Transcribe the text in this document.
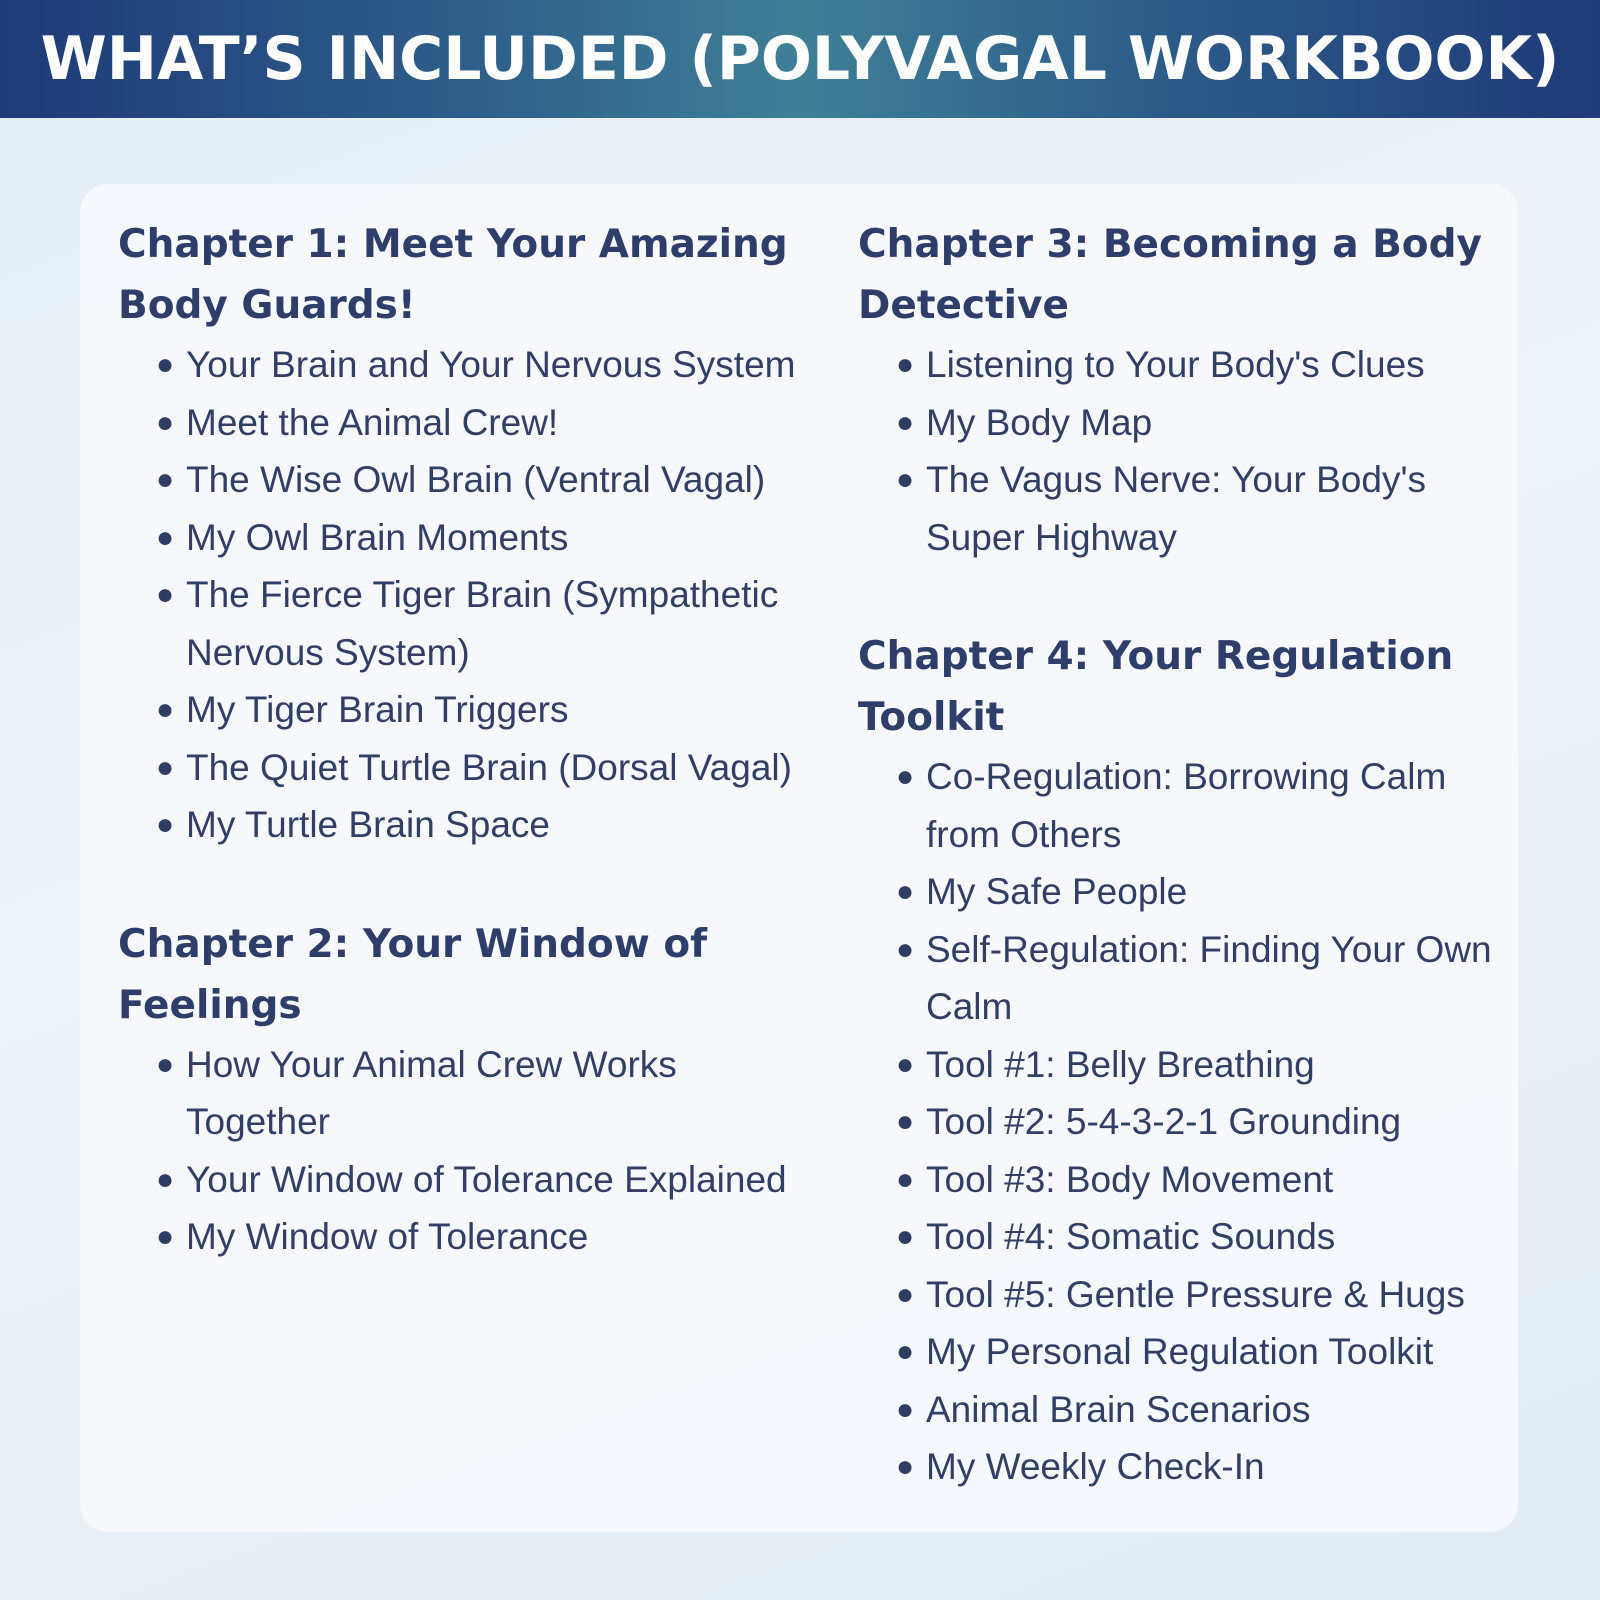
WHAT’S INCLUDED (POLYVAGAL WORKBOOK)
Chapter 1: Meet Your Amazing Body Guards!
● Your Brain and Your Nervous System
● Meet the Animal Crew!
● The Wise Owl Brain (Ventral Vagal)
● My Owl Brain Moments
● The Fierce Tiger Brain (Sympathetic Nervous System)
● My Tiger Brain Triggers
● The Quiet Turtle Brain (Dorsal Vagal)
● My Turtle Brain Space
Chapter 2: Your Window of Feelings
● How Your Animal Crew Works Together
● Your Window of Tolerance Explained
● My Window of Tolerance
Chapter 3: Becoming a Body Detective
● Listening to Your Body's Clues
● My Body Map
● The Vagus Nerve: Your Body's Super Highway
Chapter 4: Your Regulation Toolkit
● Co-Regulation: Borrowing Calm from Others
● My Safe People
● Self-Regulation: Finding Your Own Calm
● Tool #1: Belly Breathing
● Tool #2: 5-4-3-2-1 Grounding
● Tool #3: Body Movement
● Tool #4: Somatic Sounds
● Tool #5: Gentle Pressure & Hugs
● My Personal Regulation Toolkit
● Animal Brain Scenarios
● My Weekly Check-In
